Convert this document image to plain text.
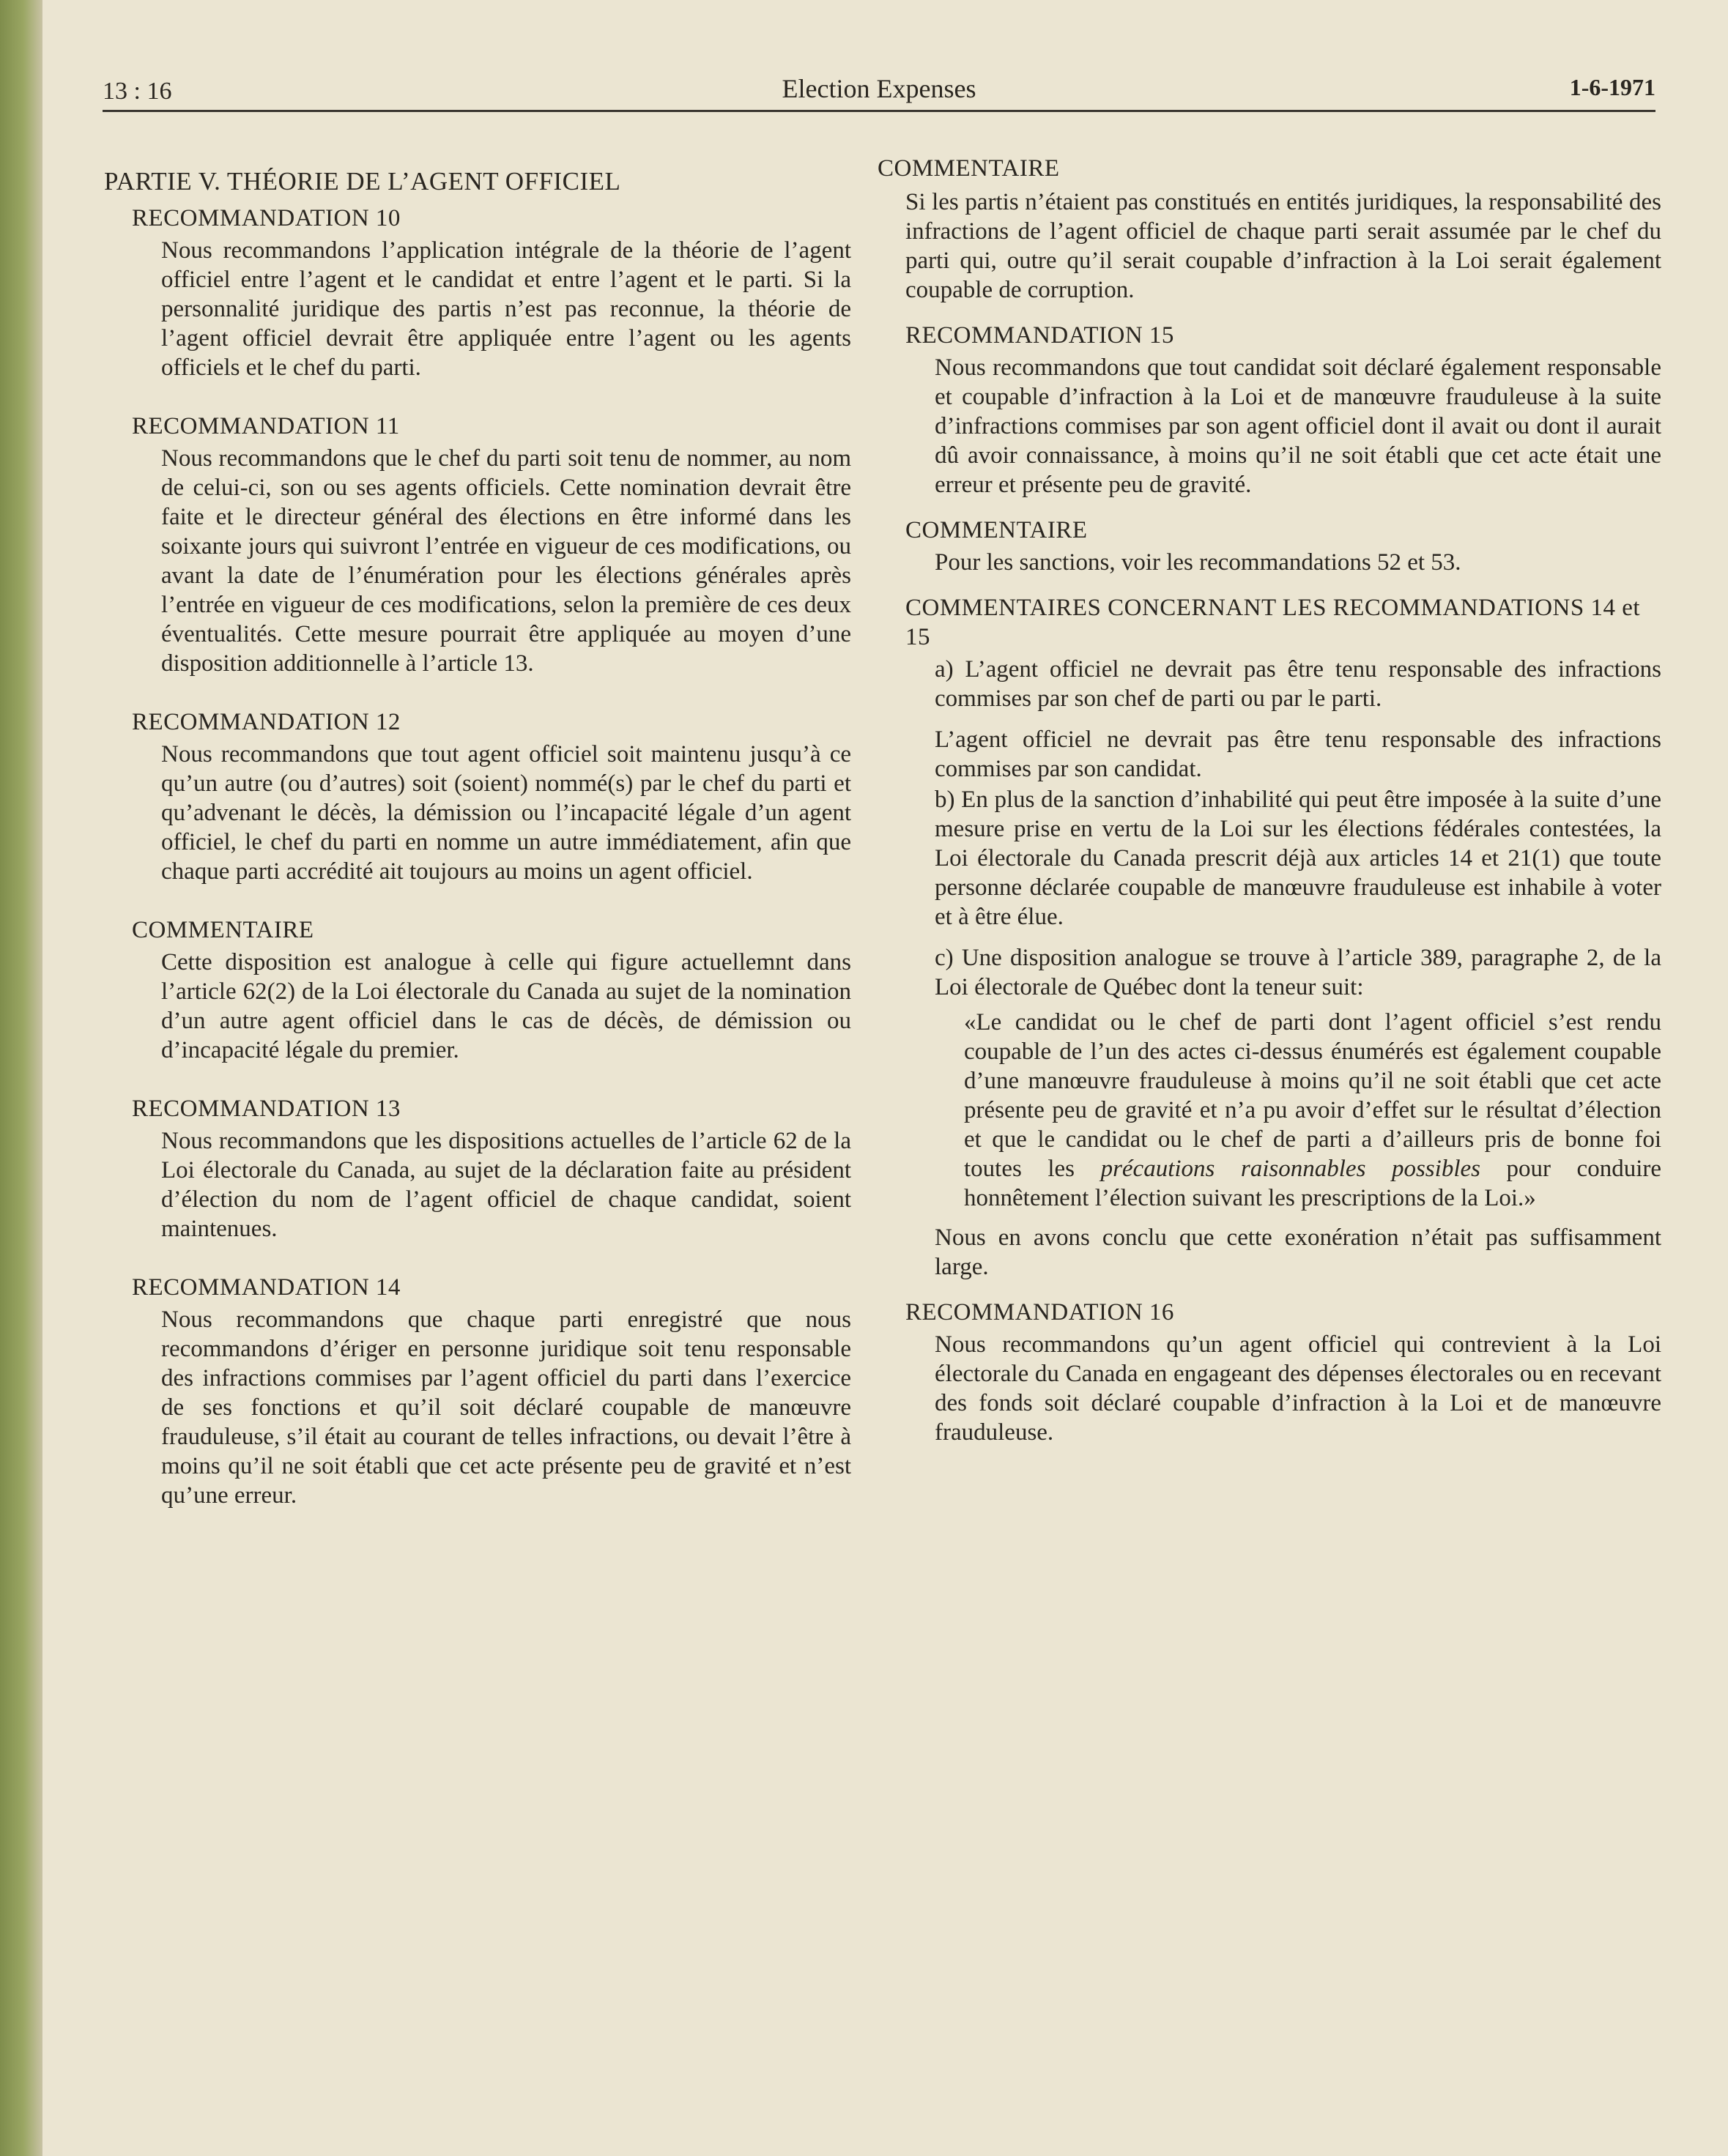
13 : 16	Election Expenses	1-6-1971
PARTIE V. THÉORIE DE L’AGENT OFFICIEL
RECOMMANDATION 10
Nous recommandons l’application intégrale de la théorie de l’agent officiel entre l’agent et le candidat et entre l’agent et le parti. Si la personnalité juridique des partis n’est pas reconnue, la théorie de l’agent officiel devrait être appliquée entre l’agent ou les agents officiels et le chef du parti.
RECOMMANDATION 11
Nous recommandons que le chef du parti soit tenu de nommer, au nom de celui-ci, son ou ses agents officiels. Cette nomination devrait être faite et le directeur général des élections en être informé dans les soixante jours qui suivront l’entrée en vigueur de ces modifications, ou avant la date de l’énumération pour les élections générales après l’entrée en vigueur de ces modifications, selon la première de ces deux éventualités. Cette mesure pourrait être appliquée au moyen d’une disposition additionnelle à l’article 13.
RECOMMANDATION 12
Nous recommandons que tout agent officiel soit maintenu jusqu’à ce qu’un autre (ou d’autres) soit (soient) nommé(s) par le chef du parti et qu’advenant le décès, la démission ou l’incapacité légale d’un agent officiel, le chef du parti en nomme un autre immédiatement, afin que chaque parti accrédité ait toujours au moins un agent officiel.
COMMENTAIRE
Cette disposition est analogue à celle qui figure actuellemnt dans l’article 62(2) de la Loi électorale du Canada au sujet de la nomination d’un autre agent officiel dans le cas de décès, de démission ou d’incapacité légale du premier.
RECOMMANDATION 13
Nous recommandons que les dispositions actuelles de l’article 62 de la Loi électorale du Canada, au sujet de la déclaration faite au président d’élection du nom de l’agent officiel de chaque candidat, soient maintenues.
RECOMMANDATION 14
Nous recommandons que chaque parti enregistré que nous recommandons d’ériger en personne juridique soit tenu responsable des infractions commises par l’agent officiel du parti dans l’exercice de ses fonctions et qu’il soit déclaré coupable de manœuvre frauduleuse, s’il était au courant de telles infractions, ou devait l’être à moins qu’il ne soit établi que cet acte présente peu de gravité et n’est qu’une erreur.
COMMENTAIRE
Si les partis n’étaient pas constitués en entités juridiques, la responsabilité des infractions de l’agent officiel de chaque parti serait assumée par le chef du parti qui, outre qu’il serait coupable d’infraction à la Loi serait également coupable de corruption.
RECOMMANDATION 15
Nous recommandons que tout candidat soit déclaré également responsable et coupable d’infraction à la Loi et de manœuvre frauduleuse à la suite d’infractions commises par son agent officiel dont il avait ou dont il aurait dû avoir connaissance, à moins qu’il ne soit établi que cet acte était une erreur et présente peu de gravité.
COMMENTAIRE
Pour les sanctions, voir les recommandations 52 et 53.
COMMENTAIRES CONCERNANT LES RECOMMANDATIONS 14 et 15
a) L’agent officiel ne devrait pas être tenu responsable des infractions commises par son chef de parti ou par le parti.
L’agent officiel ne devrait pas être tenu responsable des infractions commises par son candidat.
b) En plus de la sanction d’inhabilité qui peut être imposée à la suite d’une mesure prise en vertu de la Loi sur les élections fédérales contestées, la Loi électorale du Canada prescrit déjà aux articles 14 et 21(1) que toute personne déclarée coupable de manœuvre frauduleuse est inhabile à voter et à être élue.
c) Une disposition analogue se trouve à l’article 389, paragraphe 2, de la Loi électorale de Québec dont la teneur suit:
«Le candidat ou le chef de parti dont l’agent officiel s’est rendu coupable de l’un des actes ci-dessus énumérés est également coupable d’une manœuvre frauduleuse à moins qu’il ne soit établi que cet acte présente peu de gravité et n’a pu avoir d’effet sur le résultat d’élection et que le candidat ou le chef de parti a d’ailleurs pris de bonne foi toutes les précautions raisonnables possibles pour conduire honnêtement l’élection suivant les prescriptions de la Loi.»
Nous en avons conclu que cette exonération n’était pas suffisamment large.
RECOMMANDATION 16
Nous recommandons qu’un agent officiel qui contrevient à la Loi électorale du Canada en engageant des dépenses électorales ou en recevant des fonds soit déclaré coupable d’infraction à la Loi et de manœuvre frauduleuse.
